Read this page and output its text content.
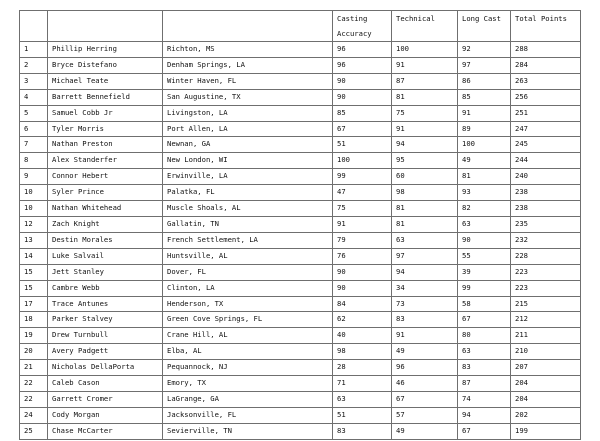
			Casting Accuracy	Technical	Long Cast	Total Points
1	Phillip Herring	Richton, MS	96	100	92	288
2	Bryce Distefano	Denham Springs, LA	96	91	97	284
3	Michael Teate	Winter Haven, FL	90	87	86	263
4	Barrett Bennefield	San Augustine, TX	90	81	85	256
5	Samuel Cobb Jr	Livingston, LA	85	75	91	251
6	Tyler Morris	Port Allen, LA	67	91	89	247
7	Nathan Preston	Newnan, GA	51	94	100	245
8	Alex Standerfer	New London, WI	100	95	49	244
9	Connor Hebert	Erwinville, LA	99	60	81	240
10	Syler Prince	Palatka, FL	47	98	93	238
10	Nathan Whitehead	Muscle Shoals, AL	75	81	82	238
12	Zach Knight	Gallatin, TN	91	81	63	235
13	Destin Morales	French Settlement, LA	79	63	90	232
14	Luke Salvail	Huntsville, AL	76	97	55	228
15	Jett Stanley	Dover, FL	90	94	39	223
15	Cambre Webb	Clinton, LA	90	34	99	223
17	Trace Antunes	Henderson, TX	84	73	58	215
18	Parker Stalvey	Green Cove Springs, FL	62	83	67	212
19	Drew Turnbull	Crane Hill, AL	40	91	80	211
20	Avery Padgett	Elba, AL	98	49	63	210
21	Nicholas DellaPorta	Pequannock, NJ	28	96	83	207
22	Caleb Cason	Emory, TX	71	46	87	204
22	Garrett Cromer	LaGrange, GA	63	67	74	204
24	Cody Morgan	Jacksonville, FL	51	57	94	202
25	Chase McCarter	Sevierville, TN	83	49	67	199
